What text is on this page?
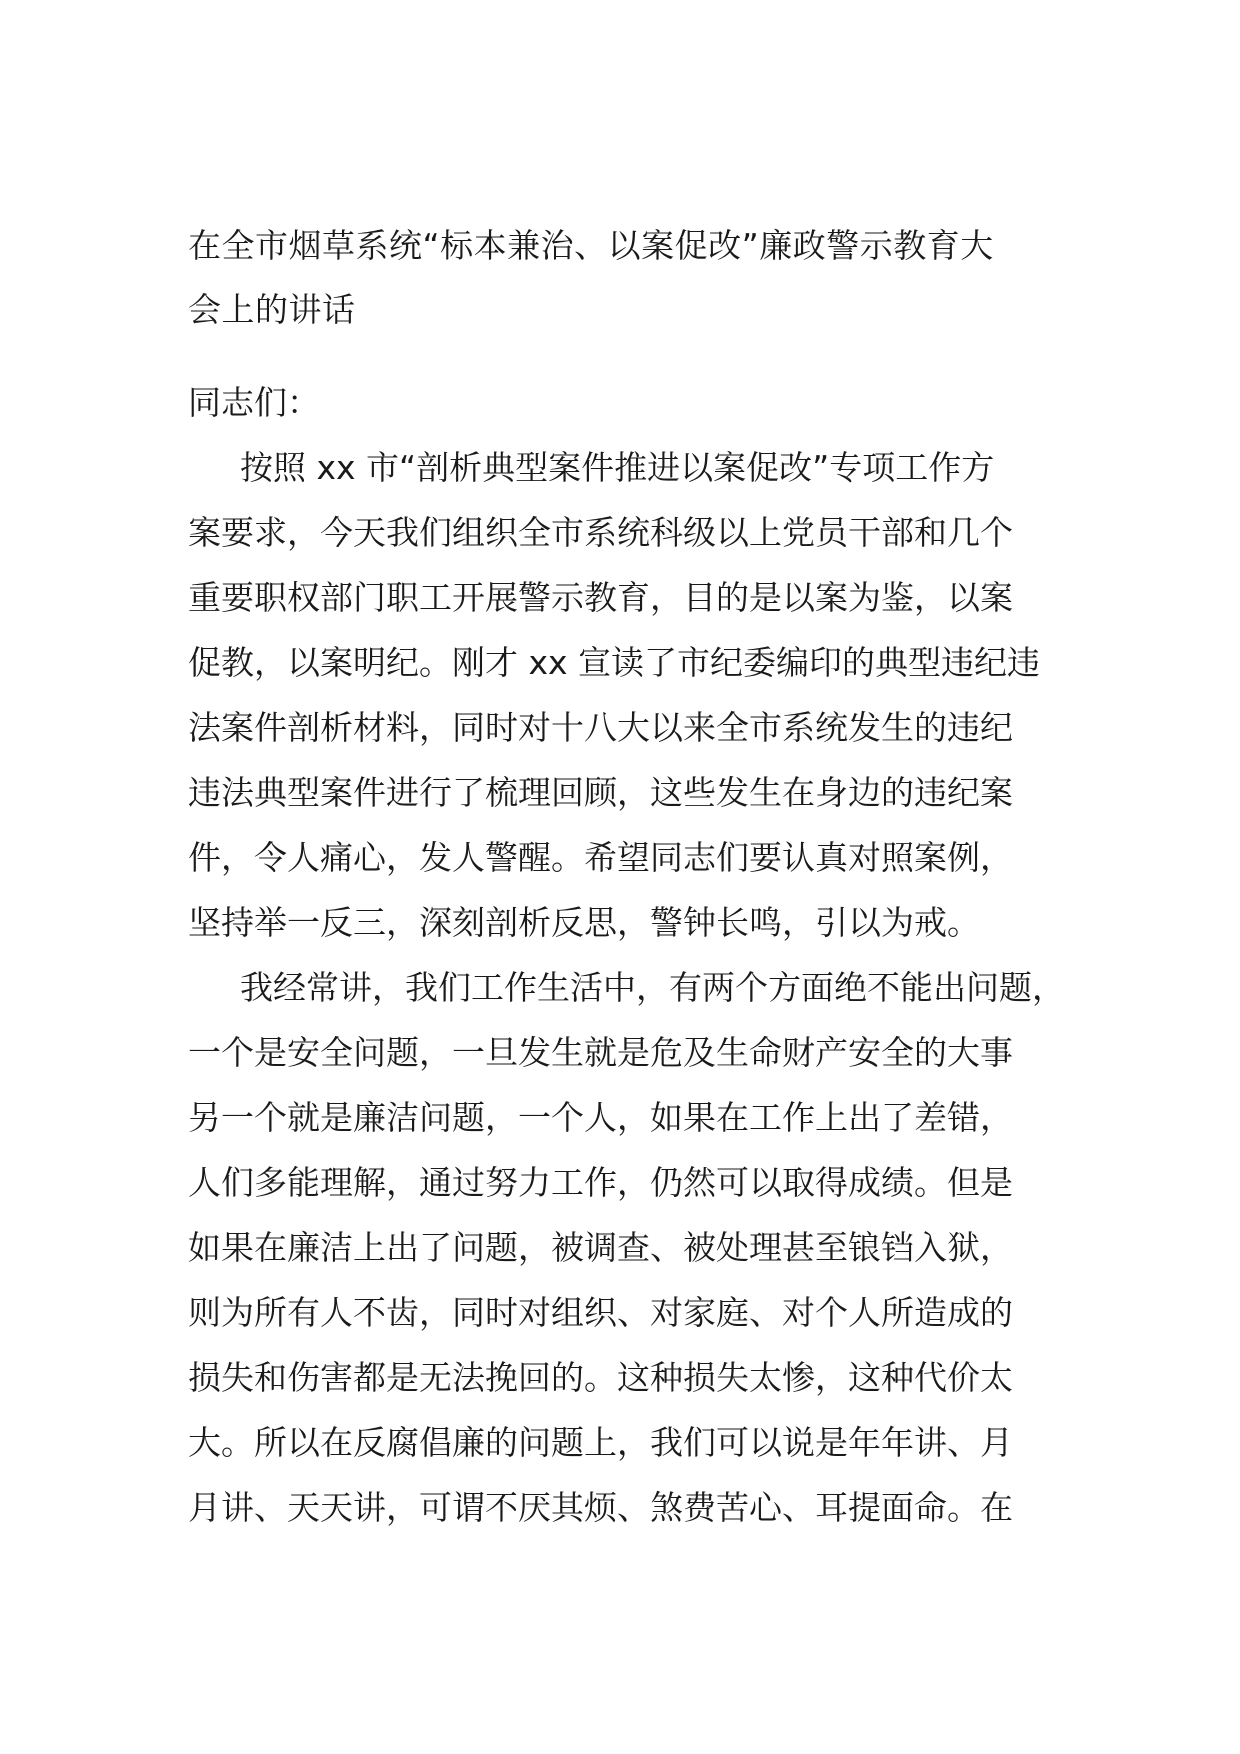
在全市烟草系统“标本兼治、以案促改”廉政警示教育大
会上的讲话

同志们：

按照 xx 市“剖析典型案件推进以案促改”专项工作方
案要求，今天我们组织全市系统科级以上党员干部和几个
重要职权部门职工开展警示教育，目的是以案为鉴，以案
促教，以案明纪。刚才 xx 宣读了市纪委编印的典型违纪违
法案件剖析材料，同时对十八大以来全市系统发生的违纪
违法典型案件进行了梳理回顾，这些发生在身边的违纪案
件，令人痛心，发人警醒。希望同志们要认真对照案例，
坚持举一反三，深刻剖析反思，警钟长鸣，引以为戒。

我经常讲，我们工作生活中，有两个方面绝不能出问题，
一个是安全问题，一旦发生就是危及生命财产安全的大事
另一个就是廉洁问题，一个人，如果在工作上出了差错，
人们多能理解，通过努力工作，仍然可以取得成绩。但是
如果在廉洁上出了问题，被调查、被处理甚至锒铛入狱，
则为所有人不齿，同时对组织、对家庭、对个人所造成的
损失和伤害都是无法挽回的。这种损失太惨，这种代价太
大。所以在反腐倡廉的问题上，我们可以说是年年讲、月
月讲、天天讲，可谓不厌其烦、煞费苦心、耳提面命。在
